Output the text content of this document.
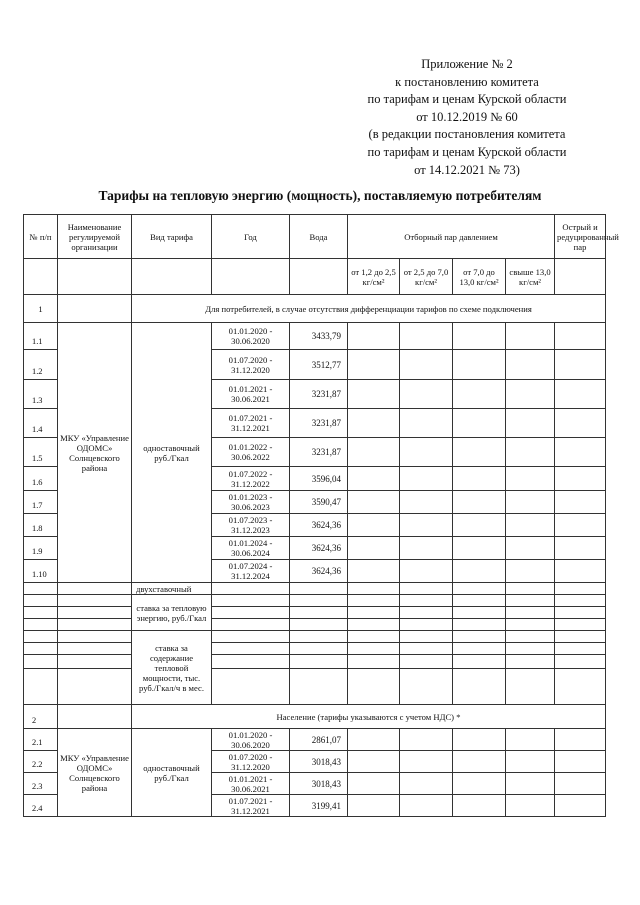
Приложение № 2
к постановлению комитета
по тарифам и ценам Курской области
от 10.12.2019 № 60
(в редакции постановления комитета
по тарифам и ценам Курской области
от 14.12.2021 № 73)
Тарифы на тепловую энергию (мощность), поставляемую потребителям
№ п/п	Наименование регулируемой организации	Вид тарифа	Год	Вода	Отборный пар давлением				Острый и редуцированный пар
					от 1,2 до 2,5 кг/см²	от 2,5 до 7,0 кг/см²	от 7,0 до 13,0 кг/см²	свыше 13,0 кг/см²	
1		Для потребителей, в случае отсутствия дифференциации тарифов по схеме подключения							
1.1	МКУ «Управление ОДОМС» Солнцевского района	одноставочный руб./Гкал	01.01.2020 - 30.06.2020	3433,79					
1.2			01.07.2020 - 31.12.2020	3512,77					
1.3			01.01.2021 - 30.06.2021	3231,87					
1.4			01.07.2021 - 31.12.2021	3231,87					
1.5			01.01.2022 - 30.06.2022	3231,87					
1.6			01.07.2022 - 31.12.2022	3596,04					
1.7			01.01.2023 - 30.06.2023	3590,47					
1.8			01.07.2023 - 31.12.2023	3624,36					
1.9			01.01.2024 - 30.06.2024	3624,36					
1.10			01.07.2024 - 31.12.2024	3624,36					
		двухставочный							
		ставка за тепловую энергию, руб./Гкал							

		ставка за содержание тепловой мощности, тыс. руб./Гкал/ч в мес.							

2		Население (тарифы указываются с учетом НДС) *							
2.1	МКУ «Управление ОДОМС» Солнцевского района	одноставочный руб./Гкал	01.01.2020 - 30.06.2020	2861,07					
2.2			01.07.2020 - 31.12.2020	3018,43					
2.3			01.01.2021 - 30.06.2021	3018,43					
2.4			01.07.2021 - 31.12.2021	3199,41					
